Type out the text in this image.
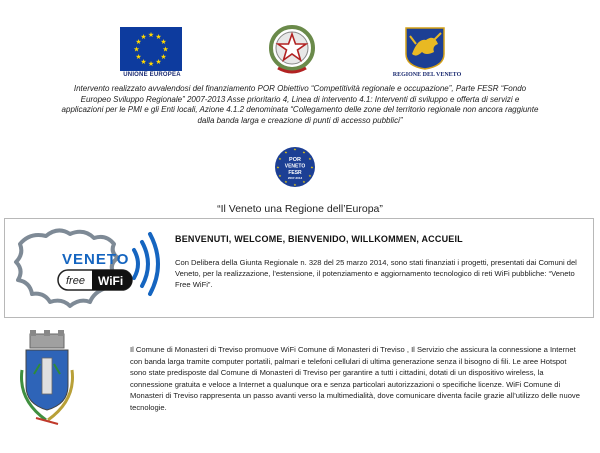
★ ★
★
★
★
★
★
★
★
★
★
★
UNIONE EUROPEA	REGIONE DEL VENETO
Intervento realizzato avvalendosi del finanziamento POR Obiettivo “Competitività regionale e occupazione”, Parte FESR “Fondo Europeo Sviluppo Regionale” 2007-2013 Asse prioritario 4, Linea di intervento 4.1: Interventi di sviluppo e offerta di servizi e applicazioni per le PMI e gli Enti locali, Azione 4.1.2 denominata “Collegamento delle zone del territorio regionale non ancora raggiunte dalla banda larga e creazione di punti di accesso pubblici”
★
★
★
★
★
★
★
★
★
★
★
★
POR
VENETO
FESR
2007-2013
“Il Veneto una Regione dell’Europa”
VENETO
free WiFi
BENVENUTI, WELCOME, BIENVENIDO, WILLKOMMEN, ACCUEIL
Con Delibera della Giunta Regionale n. 328 del 25 marzo 2014, sono stati finanziati i progetti, presentati dai Comuni del Veneto, per la realizzazione, l’estensione, il potenziamento e aggiornamento tecnologico di reti WiFi pubbliche: “Veneto Free WiFi”.
Il Comune di Monasteri di Treviso promuove WiFi Comune di Monasteri di Treviso , Il Servizio che assicura la connessione a Internet con banda larga tramite computer portatili, palmari e telefoni cellulari di ultima generazione senza il bisogno di fili. Le aree Hotspot sono state predisposte dal Comune di Monasteri di Treviso per garantire a tutti i cittadini, dotati di un dispositivo wireless, la connessione gratuita e veloce a Internet a qualunque ora e senza particolari autorizzazioni o specifiche licenze. WiFi Comune di Monasteri di Treviso rappresenta un passo avanti verso la multimedialità, dove comunicare diventa facile grazie all’utilizzo delle nuove tecnologie.
